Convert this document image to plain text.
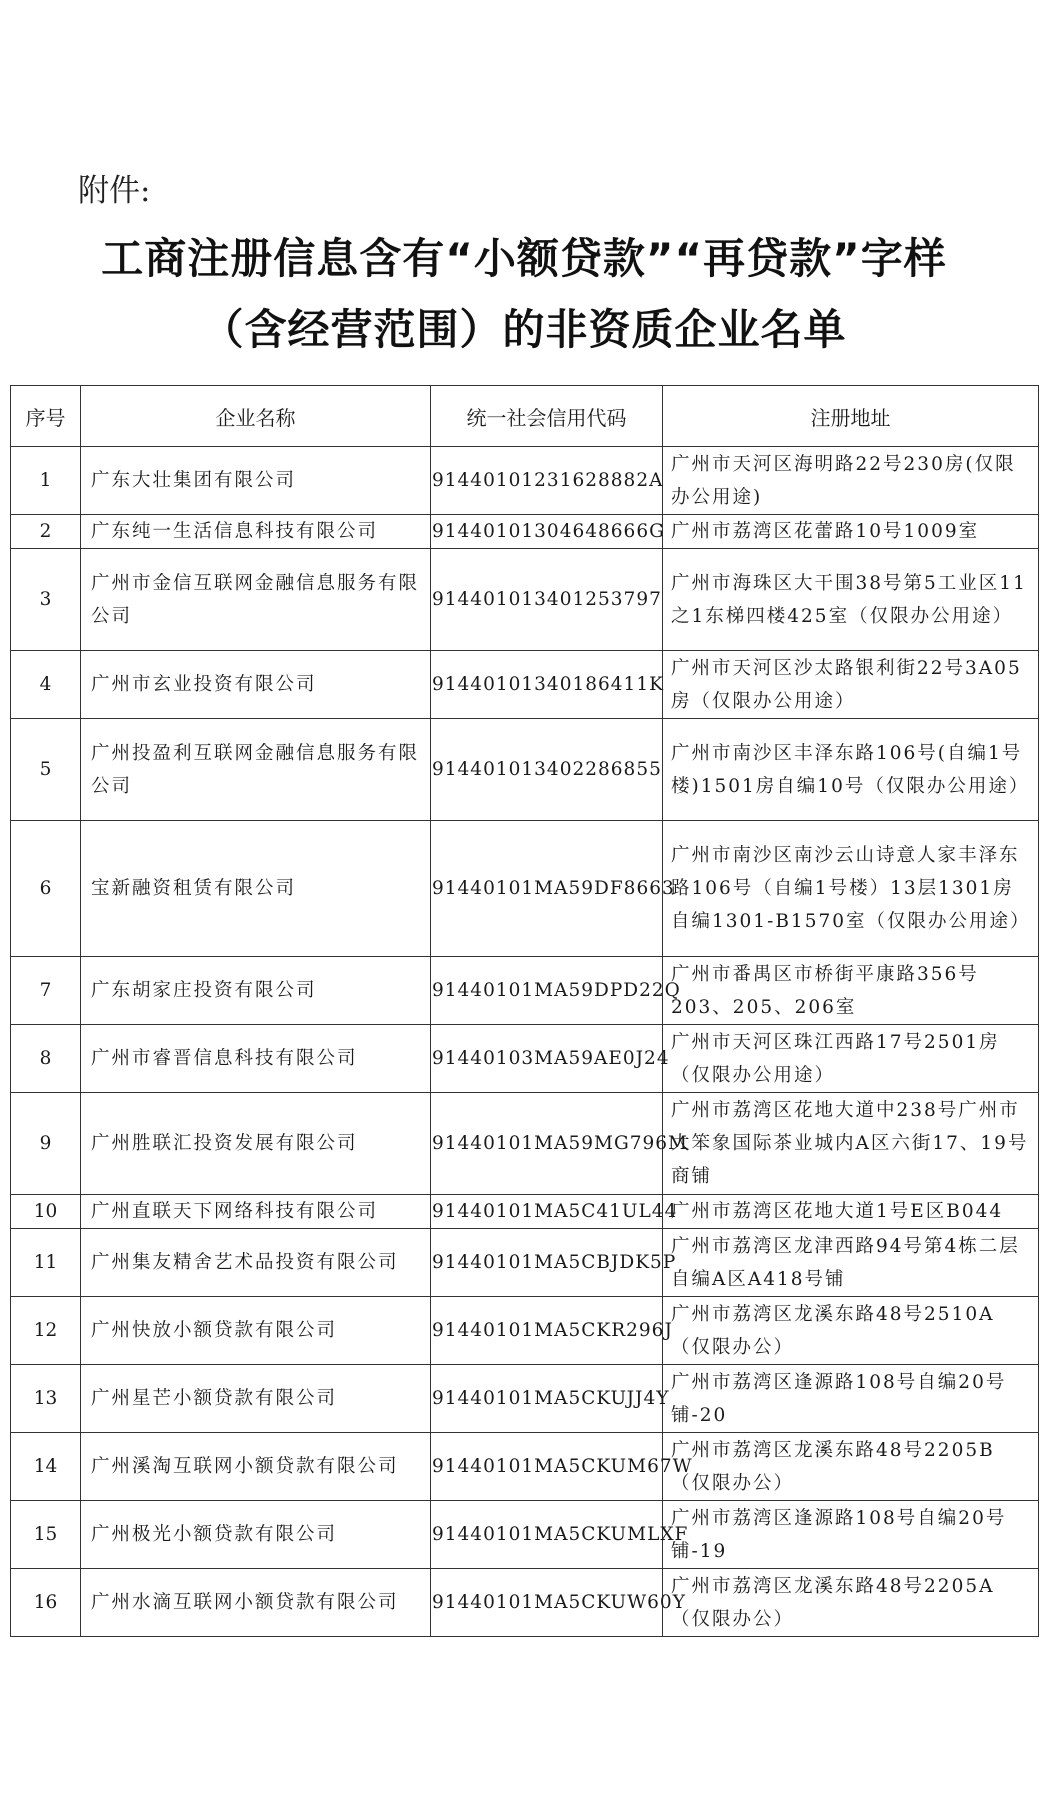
附件:
工商注册信息含有“小额贷款”“再贷款”字样
（含经营范围）的非资质企业名单
序号	企业名称	统一社会信用代码	注册地址
1	广东大壮集团有限公司	91440101231628882A	广州市天河区海明路22号230房(仅限办公用途)
2	广东纯一生活信息科技有限公司	91440101304648666G	广州市荔湾区花蕾路10号1009室
3	广州市金信互联网金融信息服务有限公司	914401013401253797	广州市海珠区大干围38号第5工业区11之1东梯四楼425室（仅限办公用途）
4	广州市玄业投资有限公司	91440101340186411K	广州市天河区沙太路银利街22号3A05房（仅限办公用途）
5	广州投盈利互联网金融信息服务有限公司	914401013402286855	广州市南沙区丰泽东路106号(自编1号楼)1501房自编10号（仅限办公用途）
6	宝新融资租赁有限公司	91440101MA59DF8663	广州市南沙区南沙云山诗意人家丰泽东路106号（自编1号楼）13层1301房自编1301-B1570室（仅限办公用途）
7	广东胡家庄投资有限公司	91440101MA59DPD22Q	广州市番禺区市桥街平康路356号203、205、206室
8	广州市睿晋信息科技有限公司	91440103MA59AE0J24	广州市天河区珠江西路17号2501房（仅限办公用途）
9	广州胜联汇投资发展有限公司	91440101MA59MG796M	广州市荔湾区花地大道中238号广州市大笨象国际茶业城内A区六街17、19号商铺
10	广州直联天下网络科技有限公司	91440101MA5C41UL44	广州市荔湾区花地大道1号E区B044
11	广州集友精舍艺术品投资有限公司	91440101MA5CBJDK5P	广州市荔湾区龙津西路94号第4栋二层自编A区A418号铺
12	广州快放小额贷款有限公司	91440101MA5CKR296J	广州市荔湾区龙溪东路48号2510A（仅限办公）
13	广州星芒小额贷款有限公司	91440101MA5CKUJJ4Y	广州市荔湾区逢源路108号自编20号铺-20
14	广州溪淘互联网小额贷款有限公司	91440101MA5CKUM67W	广州市荔湾区龙溪东路48号2205B（仅限办公）
15	广州极光小额贷款有限公司	91440101MA5CKUMLXF	广州市荔湾区逢源路108号自编20号铺-19
16	广州水滴互联网小额贷款有限公司	91440101MA5CKUW60Y	广州市荔湾区龙溪东路48号2205A（仅限办公）
